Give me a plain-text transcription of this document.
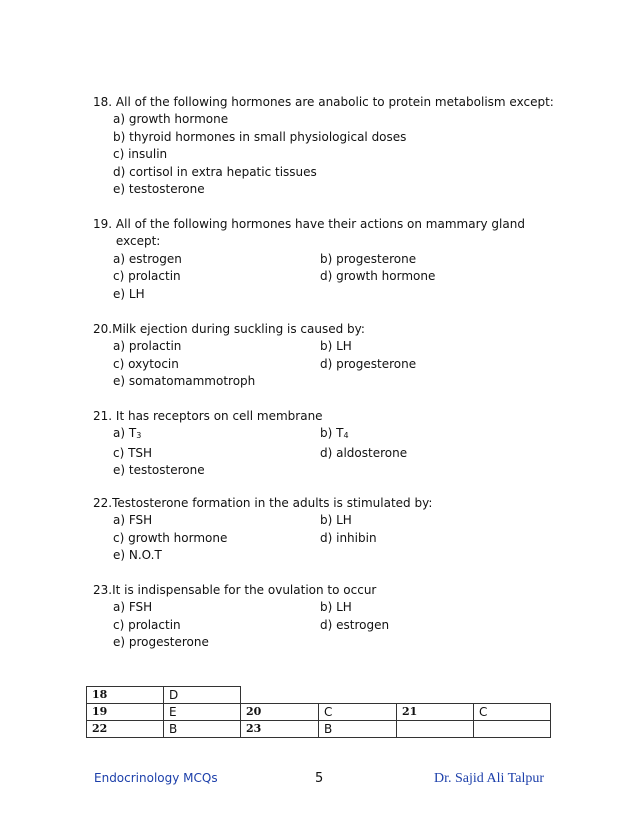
18. All of the following hormones are anabolic to protein metabolism except:
a) growth hormone
b) thyroid hormones in small physiological doses
c) insulin
d) cortisol in extra hepatic tissues
e) testosterone
19. All of the following hormones have their actions on mammary gland except:
a) estrogen	b) progesterone
c) prolactin	d) growth hormone
e) LH
20. Milk ejection during suckling is caused by:
a) prolactin	b) LH
c) oxytocin	d) progesterone
e) somatomammotroph
21. It has receptors on cell membrane
a) $T_3$	b) $T_4$
c) TSH	d) aldosterone
e) testosterone
22. Testosterone formation in the adults is stimulated by:
a) FSH	b) LH
c) growth hormone	d) inhibin
e) N.O.T
23. It is indispensable for the ovulation to occur
a) FSH	b) LH
c) prolactin	d) estrogen
e) progesterone
18	D				
19	E	20	C	21	C
22	B	23	B		
Endocrinology MCQs	5	Dr. Sajid Ali Talpur
